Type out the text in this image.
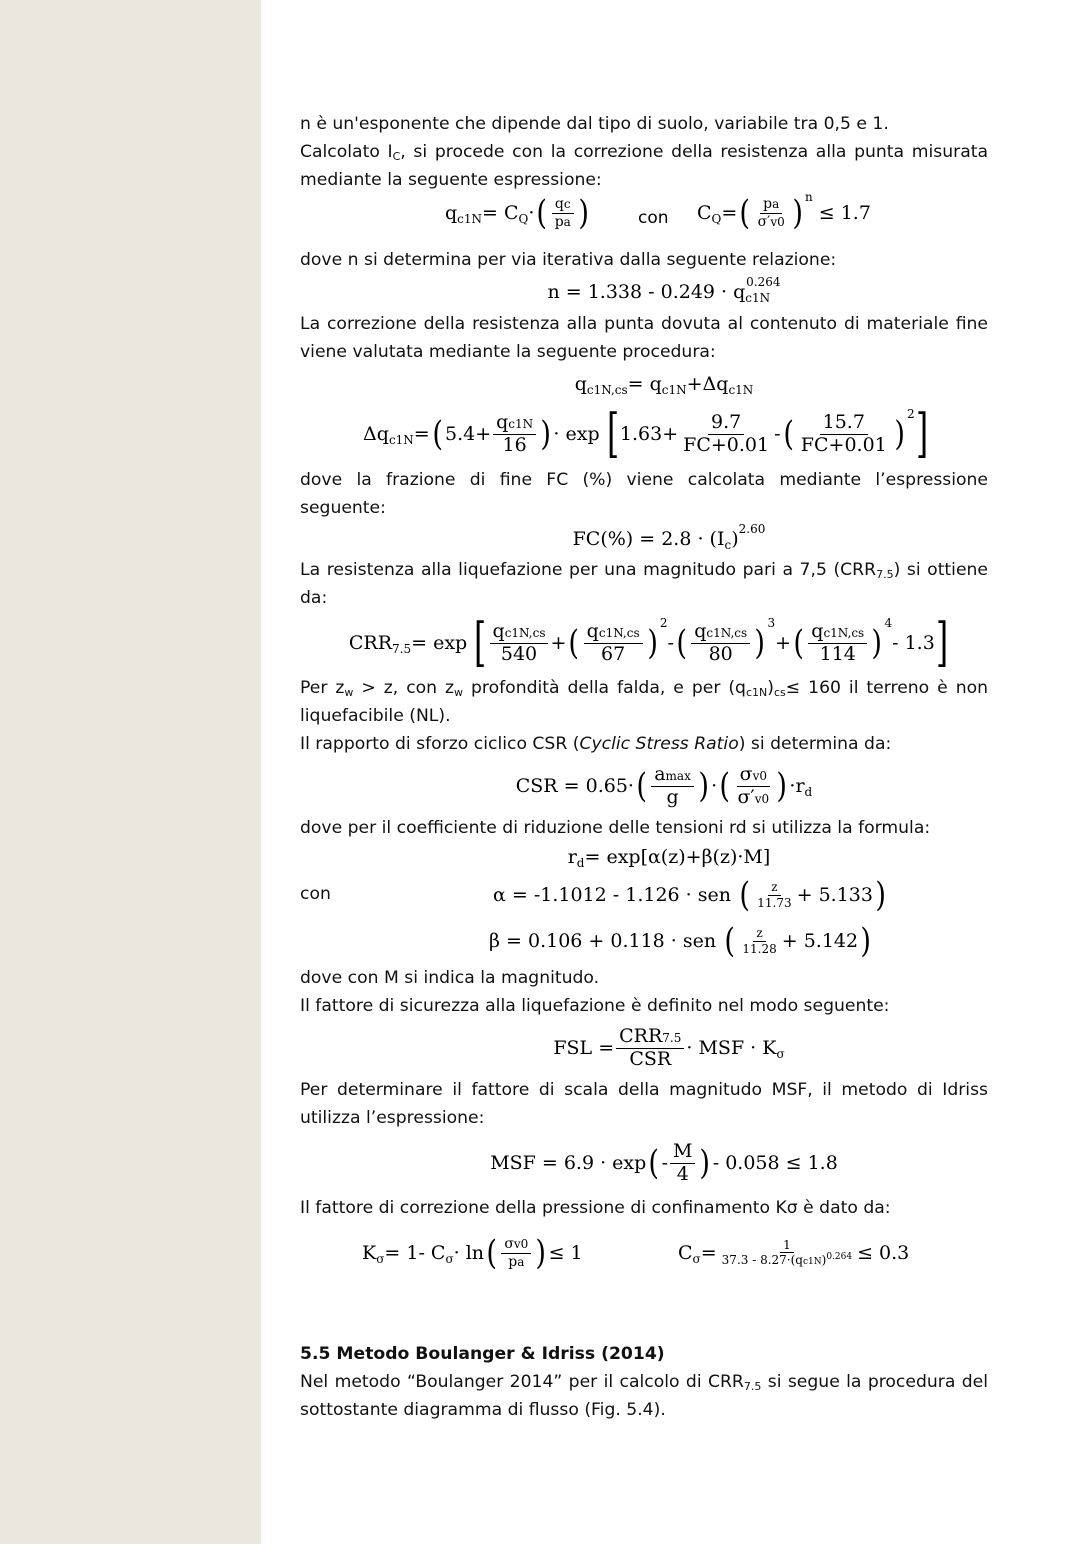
n è un'esponente che dipende dal tipo di suolo, variabile tra 0,5 e 1.

Calcolato $I_C$, si procede con la correzione della resistenza alla punta misurata mediante la seguente espressione:

q c1N = C Q · ( $\frac{qc}{pa}$ )	con C Q = ( $\frac{pa}{\sigma'v0}$ ) n
≤ 1.7

dove n si determina per via iterativa dalla seguente relazione:

n = 1.338 - 0.249 · q c1N
0.264

La correzione della resistenza alla punta dovuta al contenuto di materiale fine viene valutata mediante la seguente procedura:

q c1N,cs = q c1N +Δq c1N
Δq c1N = ( $5.4+ \frac{qc1N}{16}$ ) · exp [ $1.63+ \frac{9.7}{FC+0.01}$ - ( $\frac{15.7}{FC+0.01}$ ) 2 ]

dove la frazione di fine FC (%) viene calcolata mediante l’espressione seguente:

FC(%) = 2.8 · (I c ) 2.60

La resistenza alla liquefazione per una magnitudo pari a 7,5 $(CRR_{7.5})$ si ottiene da:

CRR 7.5 = exp [ $\frac{qc1N,cs}{540}$ + ( $\frac{qc1N,cs}{67}$ ) 2
- ( $\frac{qc1N,cs}{80}$ ) 3
+ ( $\frac{qc1N,cs}{114}$ ) 4
- 1.3 ]

Per $z_w > z$, con $z_w$ profondità della falda, e per $(q_{c1N})_{cs}\le 160$ il terreno è non liquefacibile (NL).

Il rapporto di sforzo ciclico CSR (Cyclic Stress Ratio) si determina da:

CSR = 0.65· ( $\frac{amax}{g}$ ) · ( $\frac{\sigma v0}{\sigma'v0}$ ) ·r d

dove per il coefficiente di riduzione delle tensioni rd si utilizza la formula:

r d = exp[α(z)+β(z)·M]
con	α = -1.1012 - 1.126 · sen ( $\frac{z}{11.73} + 5.133$ )
β = 0.106 + 0.118 · sen ( $\frac{z}{11.28} + 5.142$ )

dove con M si indica la magnitudo.

Il fattore di sicurezza alla liquefazione è definito nel modo seguente:

FSL = $\frac{\text{CRR7.5}}{\text{CSR}}$ · MSF · K σ

Per determinare il fattore di scala della magnitudo MSF, il metodo di Idriss utilizza l’espressione:

MSF = 6.9 · exp ( - $\frac{M}{4}$ ) - 0.058 ≤ 1.8

Il fattore di correzione della pressione di confinamento Kσ è dato da:

K σ = 1- C σ · ln ( $\frac{\sigma v0}{pa}$ ) ≤ 1	C $\sigma = \frac{1}{37.3 - 8.27\cdot(qc1N)^{0.264}} \le 0.3$

5.5 Metodo Boulanger & Idriss (2014)

Nel metodo “Boulanger 2014” per il calcolo di $CRR_{7.5}$ si segue la procedura del sottostante diagramma di flusso (Fig. 5.4).
